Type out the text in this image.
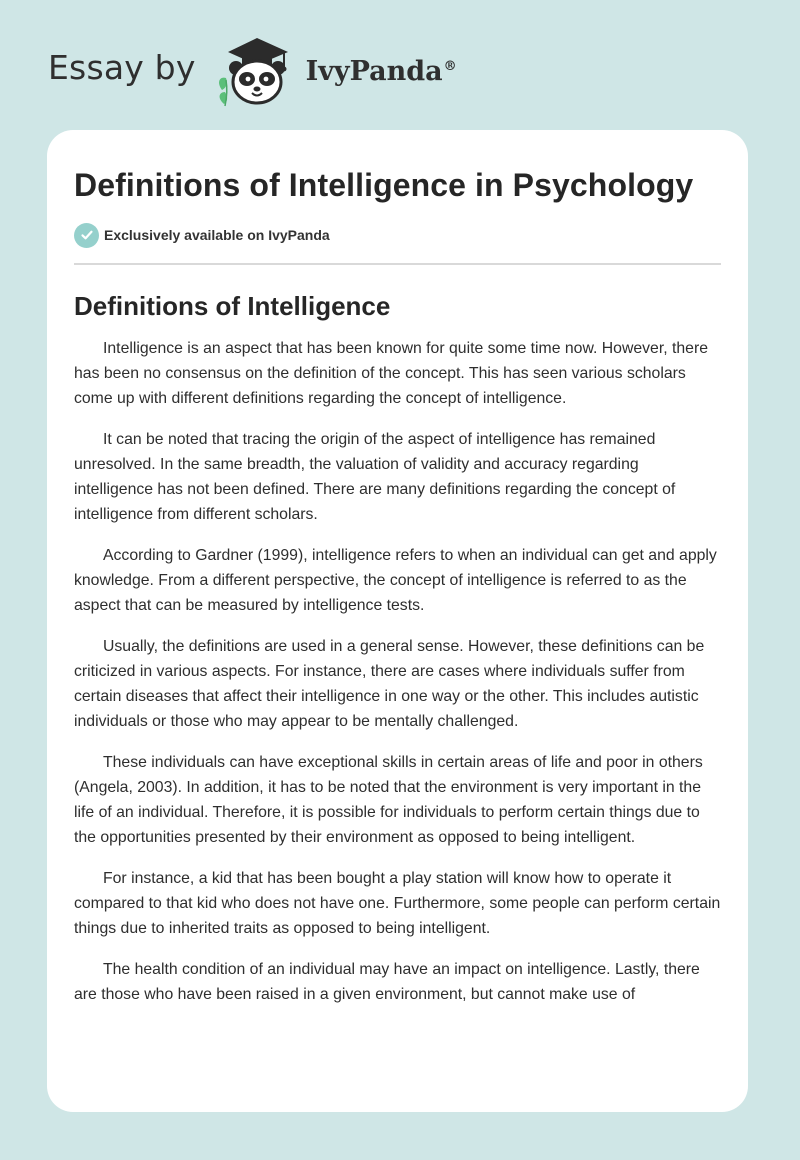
Essay by	IvyPanda®
Definitions of Intelligence in Psychology
Exclusively available on IvyPanda
Definitions of Intelligence

Intelligence is an aspect that has been known for quite some time now. However, there has been no consensus on the definition of the concept. This has seen various scholars come up with different definitions regarding the concept of intelligence.

It can be noted that tracing the origin of the aspect of intelligence has remained unresolved. In the same breadth, the valuation of validity and accuracy regarding intelligence has not been defined. There are many definitions regarding the concept of intelligence from different scholars.

According to Gardner (1999), intelligence refers to when an individual can get and apply knowledge. From a different perspective, the concept of intelligence is referred to as the aspect that can be measured by intelligence tests.

Usually, the definitions are used in a general sense. However, these definitions can be criticized in various aspects. For instance, there are cases where individuals suffer from certain diseases that affect their intelligence in one way or the other. This includes autistic individuals or those who may appear to be mentally challenged.

These individuals can have exceptional skills in certain areas of life and poor in others (Angela, 2003). In addition, it has to be noted that the environment is very important in the life of an individual. Therefore, it is possible for individuals to perform certain things due to the opportunities presented by their environment as opposed to being intelligent.

For instance, a kid that has been bought a play station will know how to operate it compared to that kid who does not have one. Furthermore, some people can perform certain things due to inherited traits as opposed to being intelligent.

The health condition of an individual may have an impact on intelligence. Lastly, there are those who have been raised in a given environment, but cannot make use of
